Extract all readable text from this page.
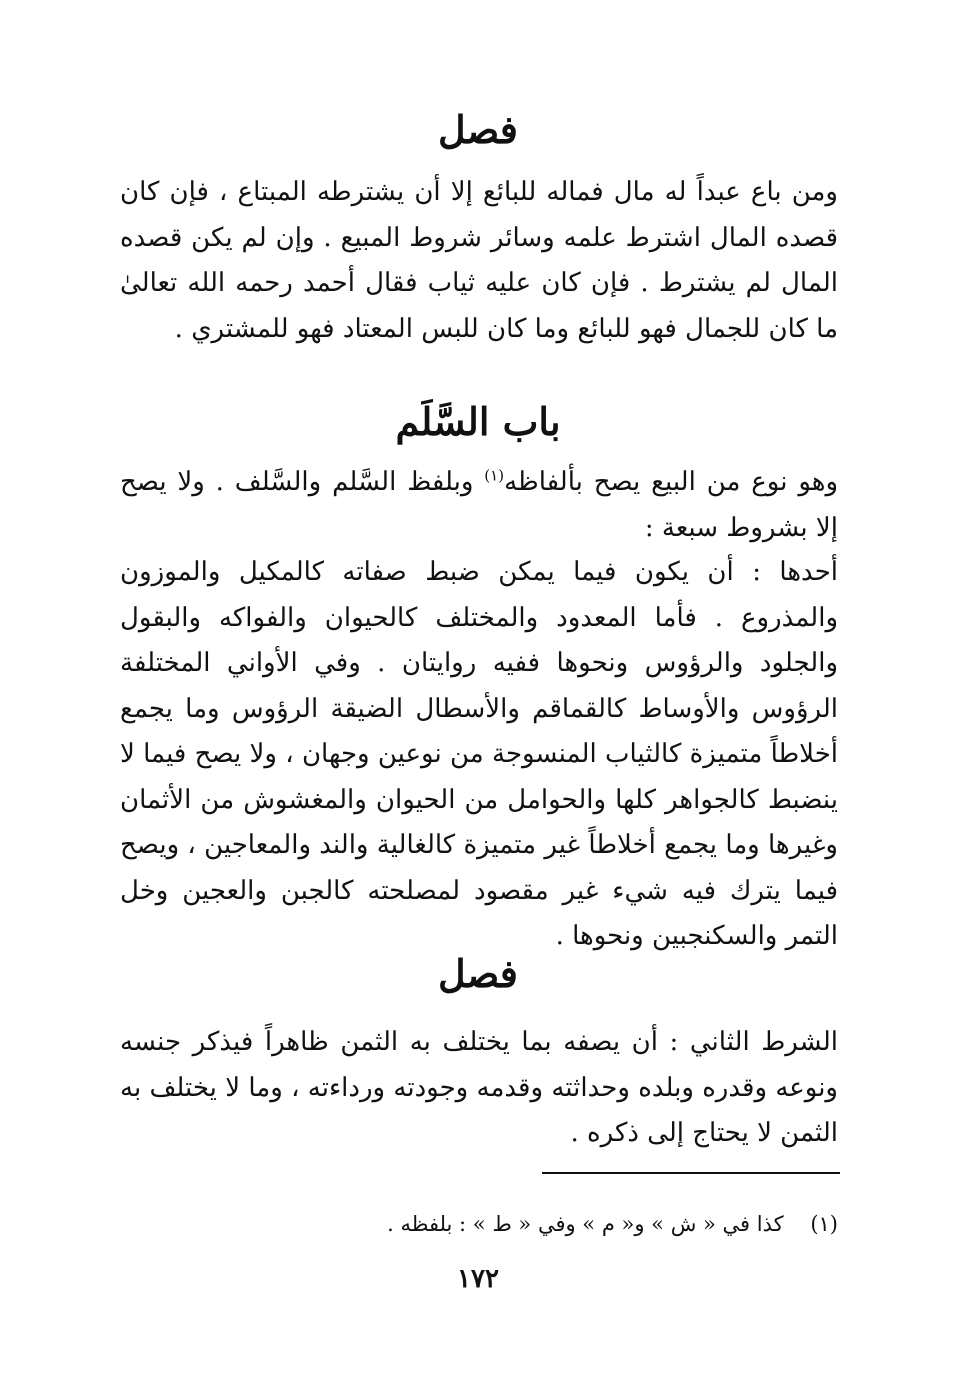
فصل
ومن باع عبداً له مال فماله للبائع إلا أن يشترطه المبتاع ، فإن كان قصده المال اشترط علمه وسائر شروط المبيع . وإن لم يكن قصده المال لم يشترط . فإن كان عليه ثياب فقال أحمد رحمه الله تعالىٰ ما كان للجمال فهو للبائع وما كان للبس المعتاد فهو للمشتري .
باب السَّلَم
وهو نوع من البيع يصح بألفاظه$^{(١)}$ وبلفظ السَّلم والسَّلف . ولا يصح إلا بشروط سبعة :
أحدها : أن يكون فيما يمكن ضبط صفاته كالمكيل والموزون والمذروع . فأما المعدود والمختلف كالحيوان والفواكه والبقول والجلود والرؤوس ونحوها ففيه روايتان . وفي الأواني المختلفة الرؤوس والأوساط كالقماقم والأسطال الضيقة الرؤوس وما يجمع أخلاطاً متميزة كالثياب المنسوجة من نوعين وجهان ، ولا يصح فيما لا ينضبط كالجواهر كلها والحوامل من الحيوان والمغشوش من الأثمان وغيرها وما يجمع أخلاطاً غير متميزة كالغالية والند والمعاجين ، ويصح فيما يترك فيه شيء غير مقصود لمصلحته كالجبن والعجين وخل التمر والسكنجبين ونحوها .
فصل
الشرط الثاني : أن يصفه بما يختلف به الثمن ظاهراً فيذكر جنسه ونوعه وقدره وبلده وحداثته وقدمه وجودته ورداءته ، وما لا يختلف به الثمن لا يحتاج إلى ذكره .
(١)    كذا في « ش » و« م » وفي « ط » : بلفظه .
١٧٢
